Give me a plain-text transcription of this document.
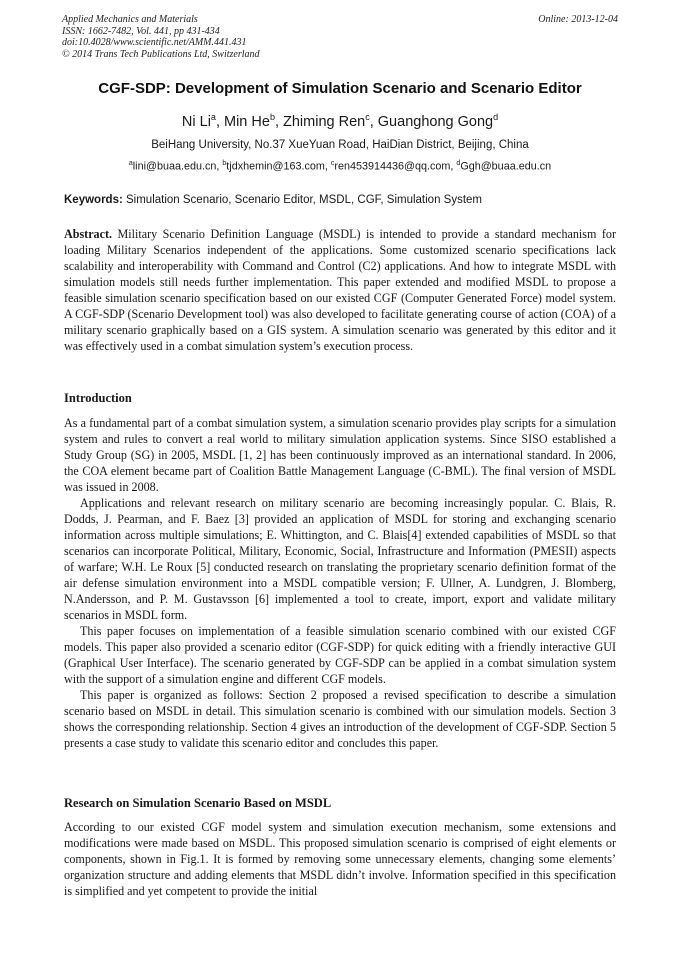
Applied Mechanics and Materials
ISSN: 1662-7482, Vol. 441, pp 431-434
doi:10.4028/www.scientific.net/AMM.441.431
© 2014 Trans Tech Publications Ltd, Switzerland
Online: 2013-12-04
CGF-SDP: Development of Simulation Scenario and Scenario Editor
Ni Li$^a$, Min He$^b$, Zhiming Ren$^c$, Guanghong Gong$^d$
BeiHang University, No.37 XueYuan Road, HaiDian District, Beijing, China
$^a$lini@buaa.edu.cn, $^b$tjdxhemin@163.com, $^c$ren453914436@qq.com, $^d$Ggh@buaa.edu.cn
Keywords: Simulation Scenario, Scenario Editor, MSDL, CGF, Simulation System

Abstract. Military Scenario Definition Language (MSDL) is intended to provide a standard mechanism for loading Military Scenarios independent of the applications. Some customized scenario specifications lack scalability and interoperability with Command and Control (C2) applications. And how to integrate MSDL with simulation models still needs further implementation. This paper extended and modified MSDL to propose a feasible simulation scenario specification based on our existed CGF (Computer Generated Force) model system. A CGF-SDP (Scenario Development tool) was also developed to facilitate generating course of action (COA) of a military scenario graphically based on a GIS system. A simulation scenario was generated by this editor and it was effectively used in a combat simulation system’s execution process.

Introduction

As a fundamental part of a combat simulation system, a simulation scenario provides play scripts for a simulation system and rules to convert a real world to military simulation application systems. Since SISO established a Study Group (SG) in 2005, MSDL [1, 2] has been continuously improved as an international standard. In 2006, the COA element became part of Coalition Battle Management Language (C-BML). The final version of MSDL was issued in 2008.

Applications and relevant research on military scenario are becoming increasingly popular. C. Blais, R. Dodds, J. Pearman, and F. Baez [3] provided an application of MSDL for storing and exchanging scenario information across multiple simulations; E. Whittington, and C. Blais[4] extended capabilities of MSDL so that scenarios can incorporate Political, Military, Economic, Social, Infrastructure and Information (PMESII) aspects of warfare; W.H. Le Roux [5] conducted research on translating the proprietary scenario definition format of the air defense simulation environment into a MSDL compatible version; F. Ullner, A. Lundgren, J. Blomberg, N.Andersson, and P. M. Gustavsson [6] implemented a tool to create, import, export and validate military scenarios in MSDL form.

This paper focuses on implementation of a feasible simulation scenario combined with our existed CGF models. This paper also provided a scenario editor (CGF-SDP) for quick editing with a friendly interactive GUI (Graphical User Interface). The scenario generated by CGF-SDP can be applied in a combat simulation system with the support of a simulation engine and different CGF models.

This paper is organized as follows: Section 2 proposed a revised specification to describe a simulation scenario based on MSDL in detail. This simulation scenario is combined with our simulation models. Section 3 shows the corresponding relationship. Section 4 gives an introduction of the development of CGF-SDP. Section 5 presents a case study to validate this scenario editor and concludes this paper.

Research on Simulation Scenario Based on MSDL

According to our existed CGF model system and simulation execution mechanism, some extensions and modifications were made based on MSDL. This proposed simulation scenario is comprised of eight elements or components, shown in Fig.1. It is formed by removing some unnecessary elements, changing some elements’ organization structure and adding elements that MSDL didn’t involve. Information specified in this specification is simplified and yet competent to provide the initial
